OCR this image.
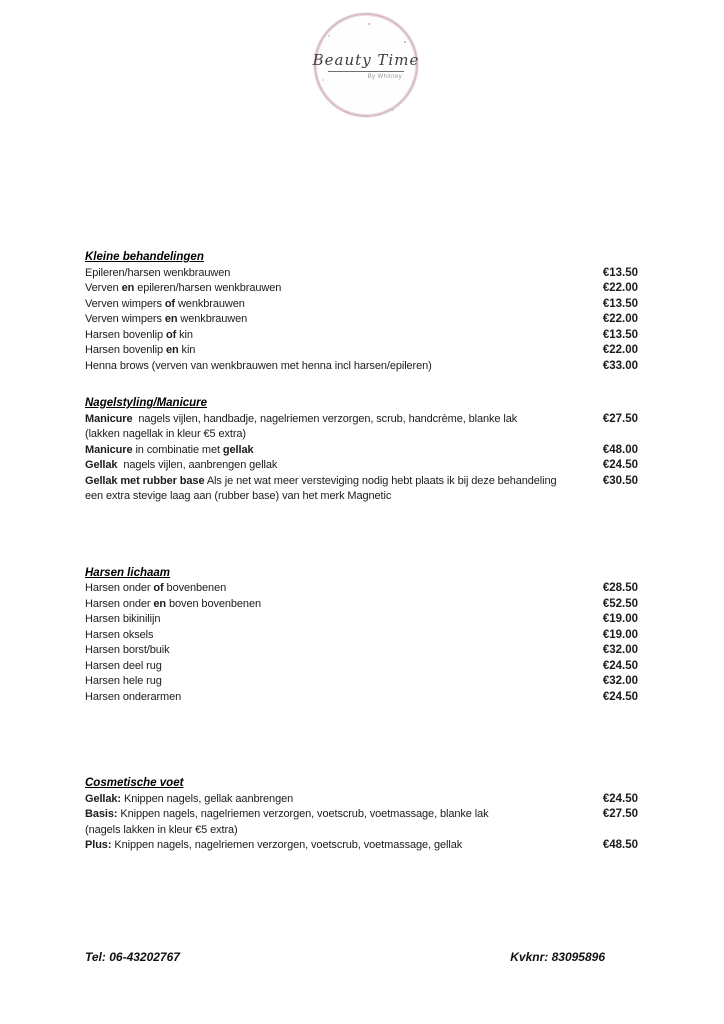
Beauty Time
By Whitney
Kleine behandelingen
Epileren/harsen wenkbrauwen	€13.50
Verven en epileren/harsen wenkbrauwen	€22.00
Verven wimpers of wenkbrauwen	€13.50
Verven wimpers en wenkbrauwen	€22.00
Harsen bovenlip of kin	€13.50
Harsen bovenlip en kin	€22.00
Henna brows (verven van wenkbrauwen met henna incl harsen/epileren)	€33.00
Nagelstyling/Manicure
Manicure  nagels vijlen, handbadje, nagelriemen verzorgen, scrub, handcrème, blanke lak	€27.50
(lakken nagellak in kleur €5 extra)
Manicure in combinatie met gellak	€48.00
Gellak  nagels vijlen, aanbrengen gellak	€24.50
Gellak met rubber base Als je net wat meer versteviging nodig hebt plaats ik bij deze behandeling	€30.50
een extra stevige laag aan (rubber base) van het merk Magnetic
Harsen lichaam
Harsen onder of bovenbenen	€28.50
Harsen onder en boven bovenbenen	€52.50
Harsen bikinilijn	€19.00
Harsen oksels	€19.00
Harsen borst/buik	€32.00
Harsen deel rug	€24.50
Harsen hele rug	€32.00
Harsen onderarmen	€24.50
Cosmetische voet
Gellak: Knippen nagels, gellak aanbrengen	€24.50
Basis: Knippen nagels, nagelriemen verzorgen, voetscrub, voetmassage, blanke lak	€27.50
(nagels lakken in kleur €5 extra)
Plus: Knippen nagels, nagelriemen verzorgen, voetscrub, voetmassage, gellak	€48.50
Tel: 06-43202767	Kvknr: 83095896
